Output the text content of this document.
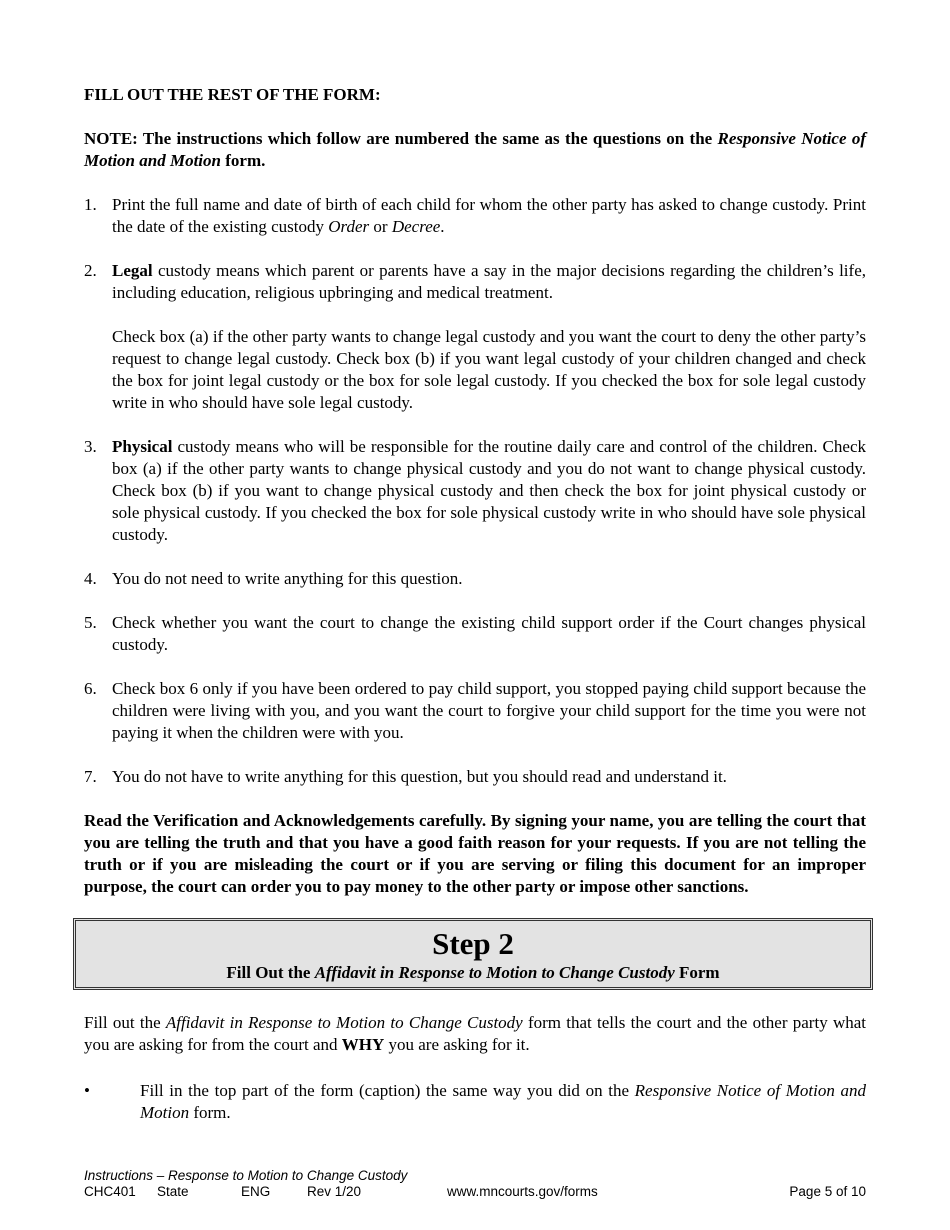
FILL OUT THE REST OF THE FORM:

NOTE: The instructions which follow are numbered the same as the questions on the Responsive Notice of Motion and Motion form.

1. Print the full name and date of birth of each child for whom the other party has asked to change custody. Print the date of the existing custody Order or Decree.

2. Legal custody means which parent or parents have a say in the major decisions regarding the children’s life, including education, religious upbringing and medical treatment.

Check box (a) if the other party wants to change legal custody and you want the court to deny the other party’s request to change legal custody. Check box (b) if you want legal custody of your children changed and check the box for joint legal custody or the box for sole legal custody. If you checked the box for sole legal custody write in who should have sole legal custody.

3. Physical custody means who will be responsible for the routine daily care and control of the children. Check box (a) if the other party wants to change physical custody and you do not want to change physical custody. Check box (b) if you want to change physical custody and then check the box for joint physical custody or sole physical custody. If you checked the box for sole physical custody write in who should have sole physical custody.

4. You do not need to write anything for this question.

5. Check whether you want the court to change the existing child support order if the Court changes physical custody.

6. Check box 6 only if you have been ordered to pay child support, you stopped paying child support because the children were living with you, and you want the court to forgive your child support for the time you were not paying it when the children were with you.

7. You do not have to write anything for this question, but you should read and understand it.

Read the Verification and Acknowledgements carefully. By signing your name, you are telling the court that you are telling the truth and that you have a good faith reason for your requests. If you are not telling the truth or if you are misleading the court or if you are serving or filing this document for an improper purpose, the court can order you to pay money to the other party or impose other sanctions.

Step 2
Fill Out the Affidavit in Response to Motion to Change Custody Form

Fill out the Affidavit in Response to Motion to Change Custody form that tells the court and the other party what you are asking for from the court and WHY you are asking for it.

•	Fill in the top part of the form (caption) the same way you did on the Responsive Notice of Motion and Motion form.

Instructions – Response to Motion to Change Custody
CHC401 State	ENG	Rev 1/20	www.mncourts.gov/forms	Page 5 of 10
